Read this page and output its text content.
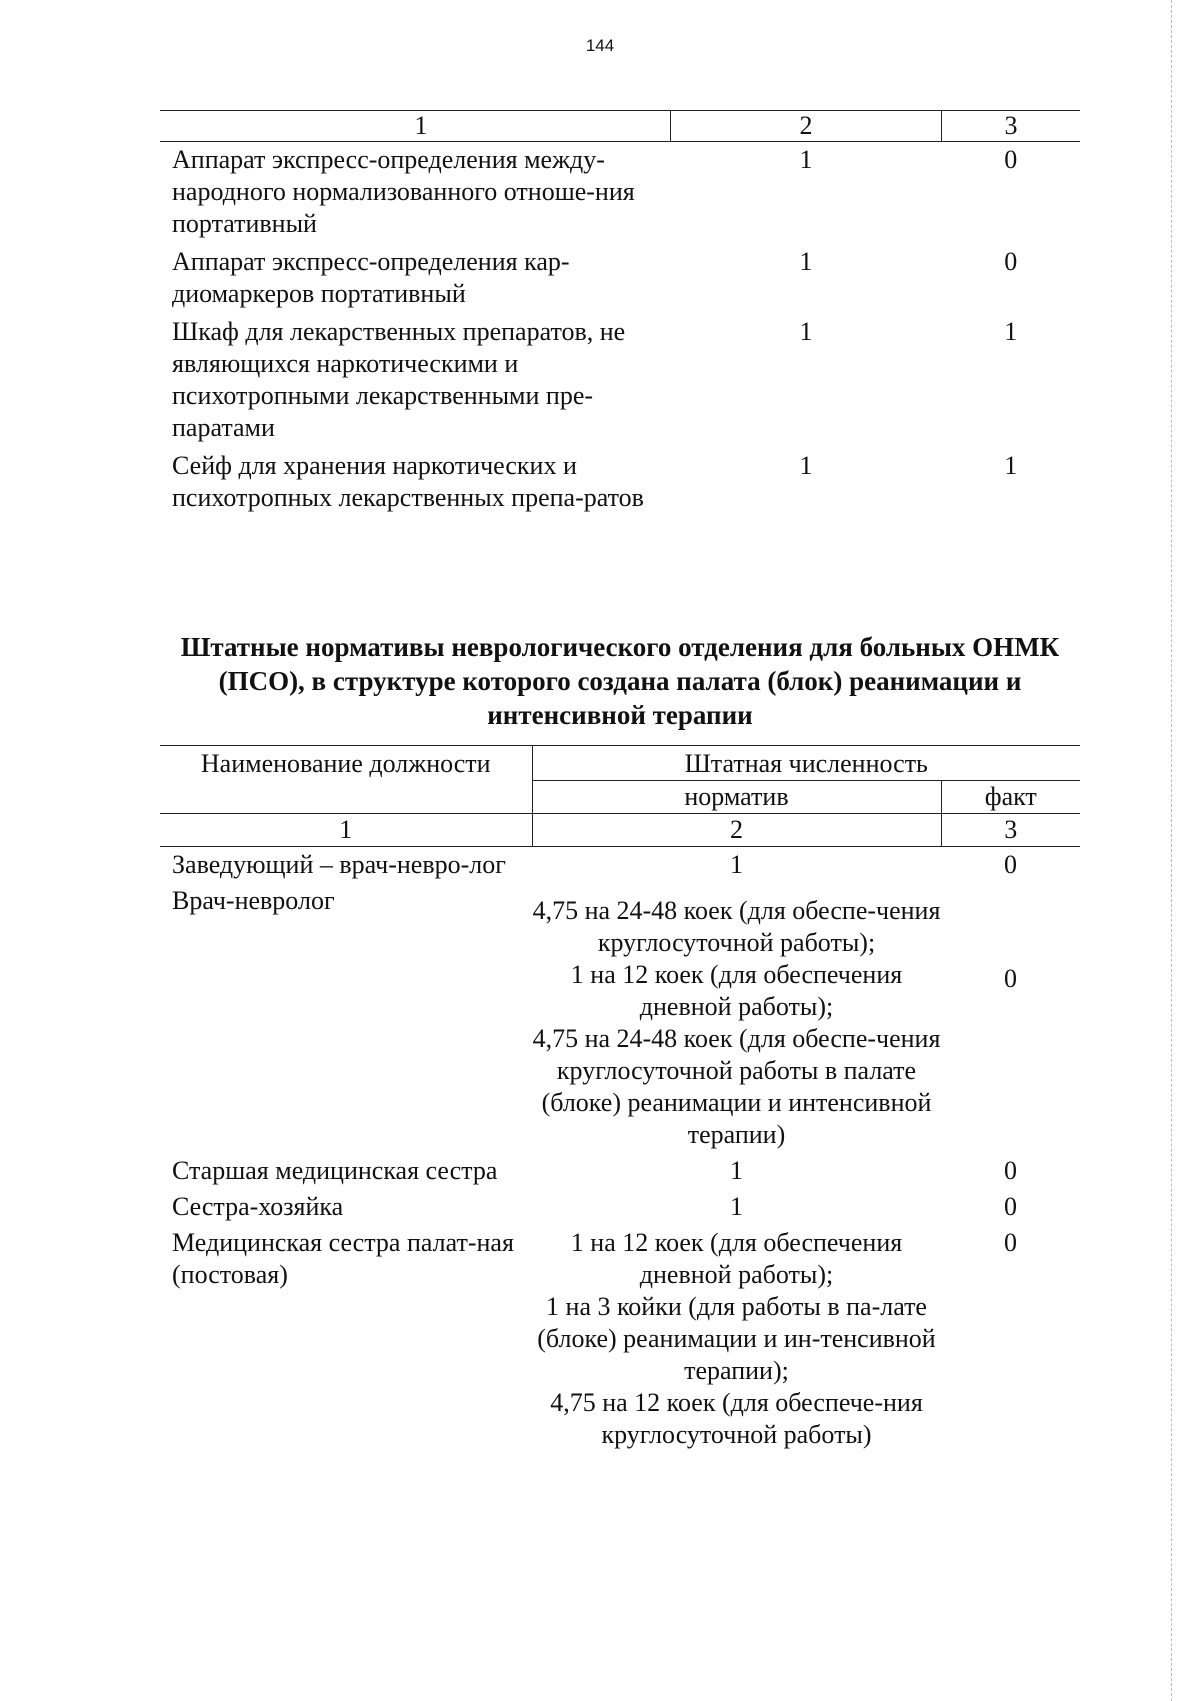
144
1	2	3
Аппарат экспресс-определения между-народного нормализованного отноше-ния портативный	1	0
Аппарат экспресс-определения кар-диомаркеров портативный	1	0
Шкаф для лекарственных препаратов, не являющихся наркотическими и психотропными лекарственными пре-паратами	1	1
Сейф для хранения наркотических и психотропных лекарственных препа-ратов	1	1
Штатные нормативы неврологического отделения для больных ОНМК (ПСО), в структуре которого создана палата (блок) реанимации и интенсивной терапии
Наименование должности	Штатная численность	
	норматив	факт
1	2	3
Заведующий – врач-невро-лог	1	0
Врач-невролог	4,75 на 24-48 коек (для обеспе-чения
круглосуточной работы);
1 на 12 коек (для обеспечения дневной работы);
4,75 на 24-48 коек (для обеспе-чения круглосуточной работы в палате (блоке) реанимации и интенсивной терапии)	0
Старшая медицинская сестра	1	0
Сестра-хозяйка	1	0
Медицинская сестра палат-ная (постовая)	1 на 12 коек (для обеспечения дневной работы);
1 на 3 койки (для работы в па-лате (блоке) реанимации и ин-тенсивной терапии);
4,75 на 12 коек (для обеспече-ния круглосуточной работы)	0
